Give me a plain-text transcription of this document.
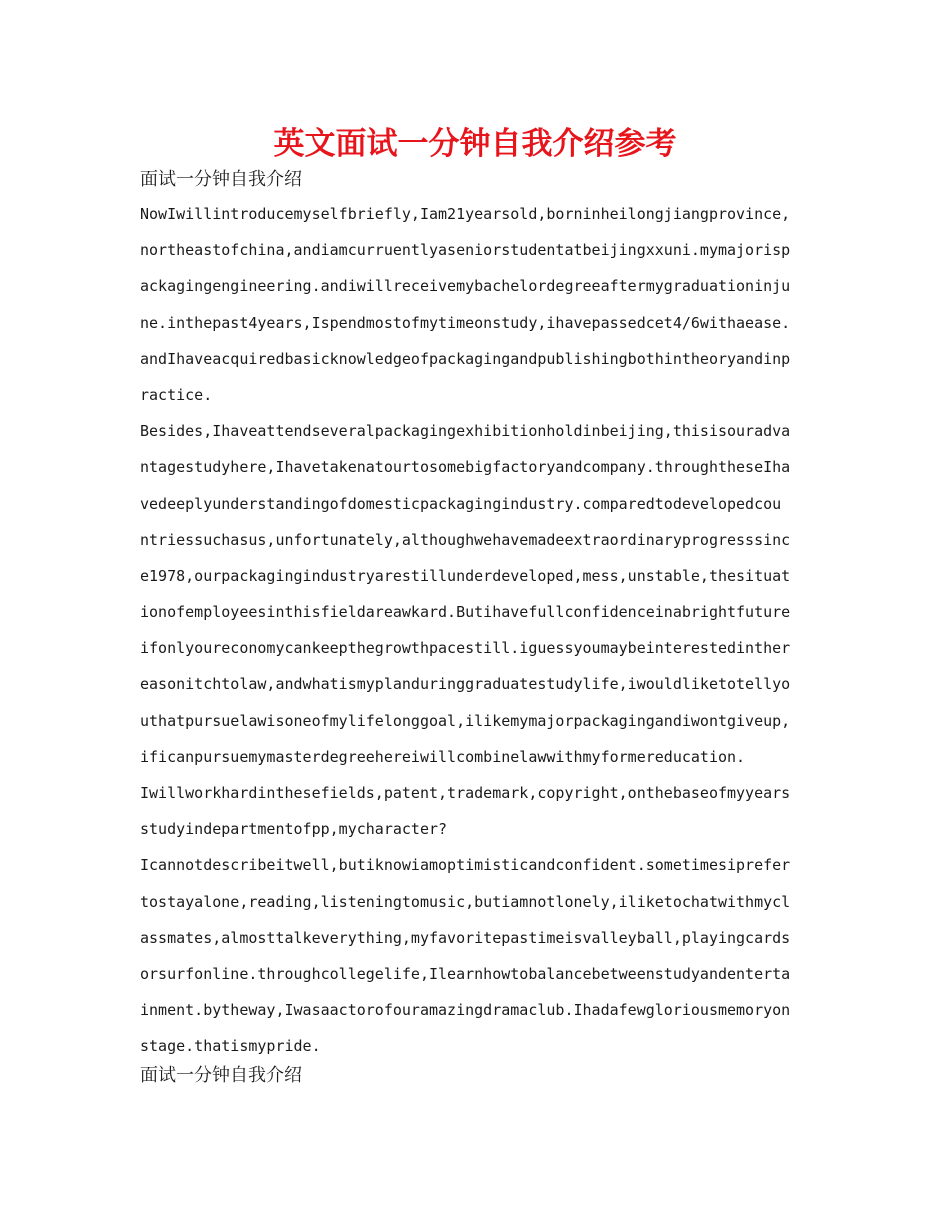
英文面试一分钟自我介绍参考

面试一分钟自我介绍

NowIwillintroducemyselfbriefly,Iam21yearsold,borninheilongjiangprovince,
northeastofchina,andiamcurruentlyaseniorstudentatbeijingxxuni.mymajorisp
ackagingengineering.andiwillreceivemybachelordegreeaftermygraduationinju
ne.inthepast4years,Ispendmostofmytimeonstudy,ihavepassedcet4/6withaease.
andIhaveacquiredbasicknowledgeofpackagingandpublishingbothintheoryandinp
ractice.
Besides,Ihaveattendseveralpackagingexhibitionholdinbeijing,thisisouradva
ntagestudyhere,Ihavetakenatourtosomebigfactoryandcompany.throughtheseIha
vedeeplyunderstandingofdomesticpackagingindustry.comparedtodevelopedcou
ntriessuchasus,unfortunately,althoughwehavemadeextraordinaryprogresssinc
e1978,ourpackagingindustryarestillunderdeveloped,mess,unstable,thesituat
ionofemployeesinthisfieldareawkard.Butihavefullconfidenceinabrightfuture
ifonlyoureconomycankeepthegrowthpacestill.iguessyoumaybeinterestedinther
easonitchtolaw,andwhatismyplanduringgraduatestudylife,iwouldliketotellyo
uthatpursuelawisoneofmylifelonggoal,ilikemymajorpackagingandiwontgiveup,
ificanpursuemymasterdegreehereiwillcombinelawwithmyformereducation.
Iwillworkhardinthesefields,patent,trademark,copyright,onthebaseofmyyears
studyindepartmentofpp,mycharacter?
Icannotdescribeitwell,butiknowiamoptimisticandconfident.sometimesiprefer
tostayalone,reading,listeningtomusic,butiamnotlonely,iliketochatwithmycl
assmates,almosttalkeverything,myfavoritepastimeisvalleyball,playingcards
orsurfonline.throughcollegelife,Ilearnhowtobalancebetweenstudyandenterta
inment.bytheway,Iwasaactorofouramazingdramaclub.Ihadafewgloriousmemoryon
stage.thatismypride.

面试一分钟自我介绍
